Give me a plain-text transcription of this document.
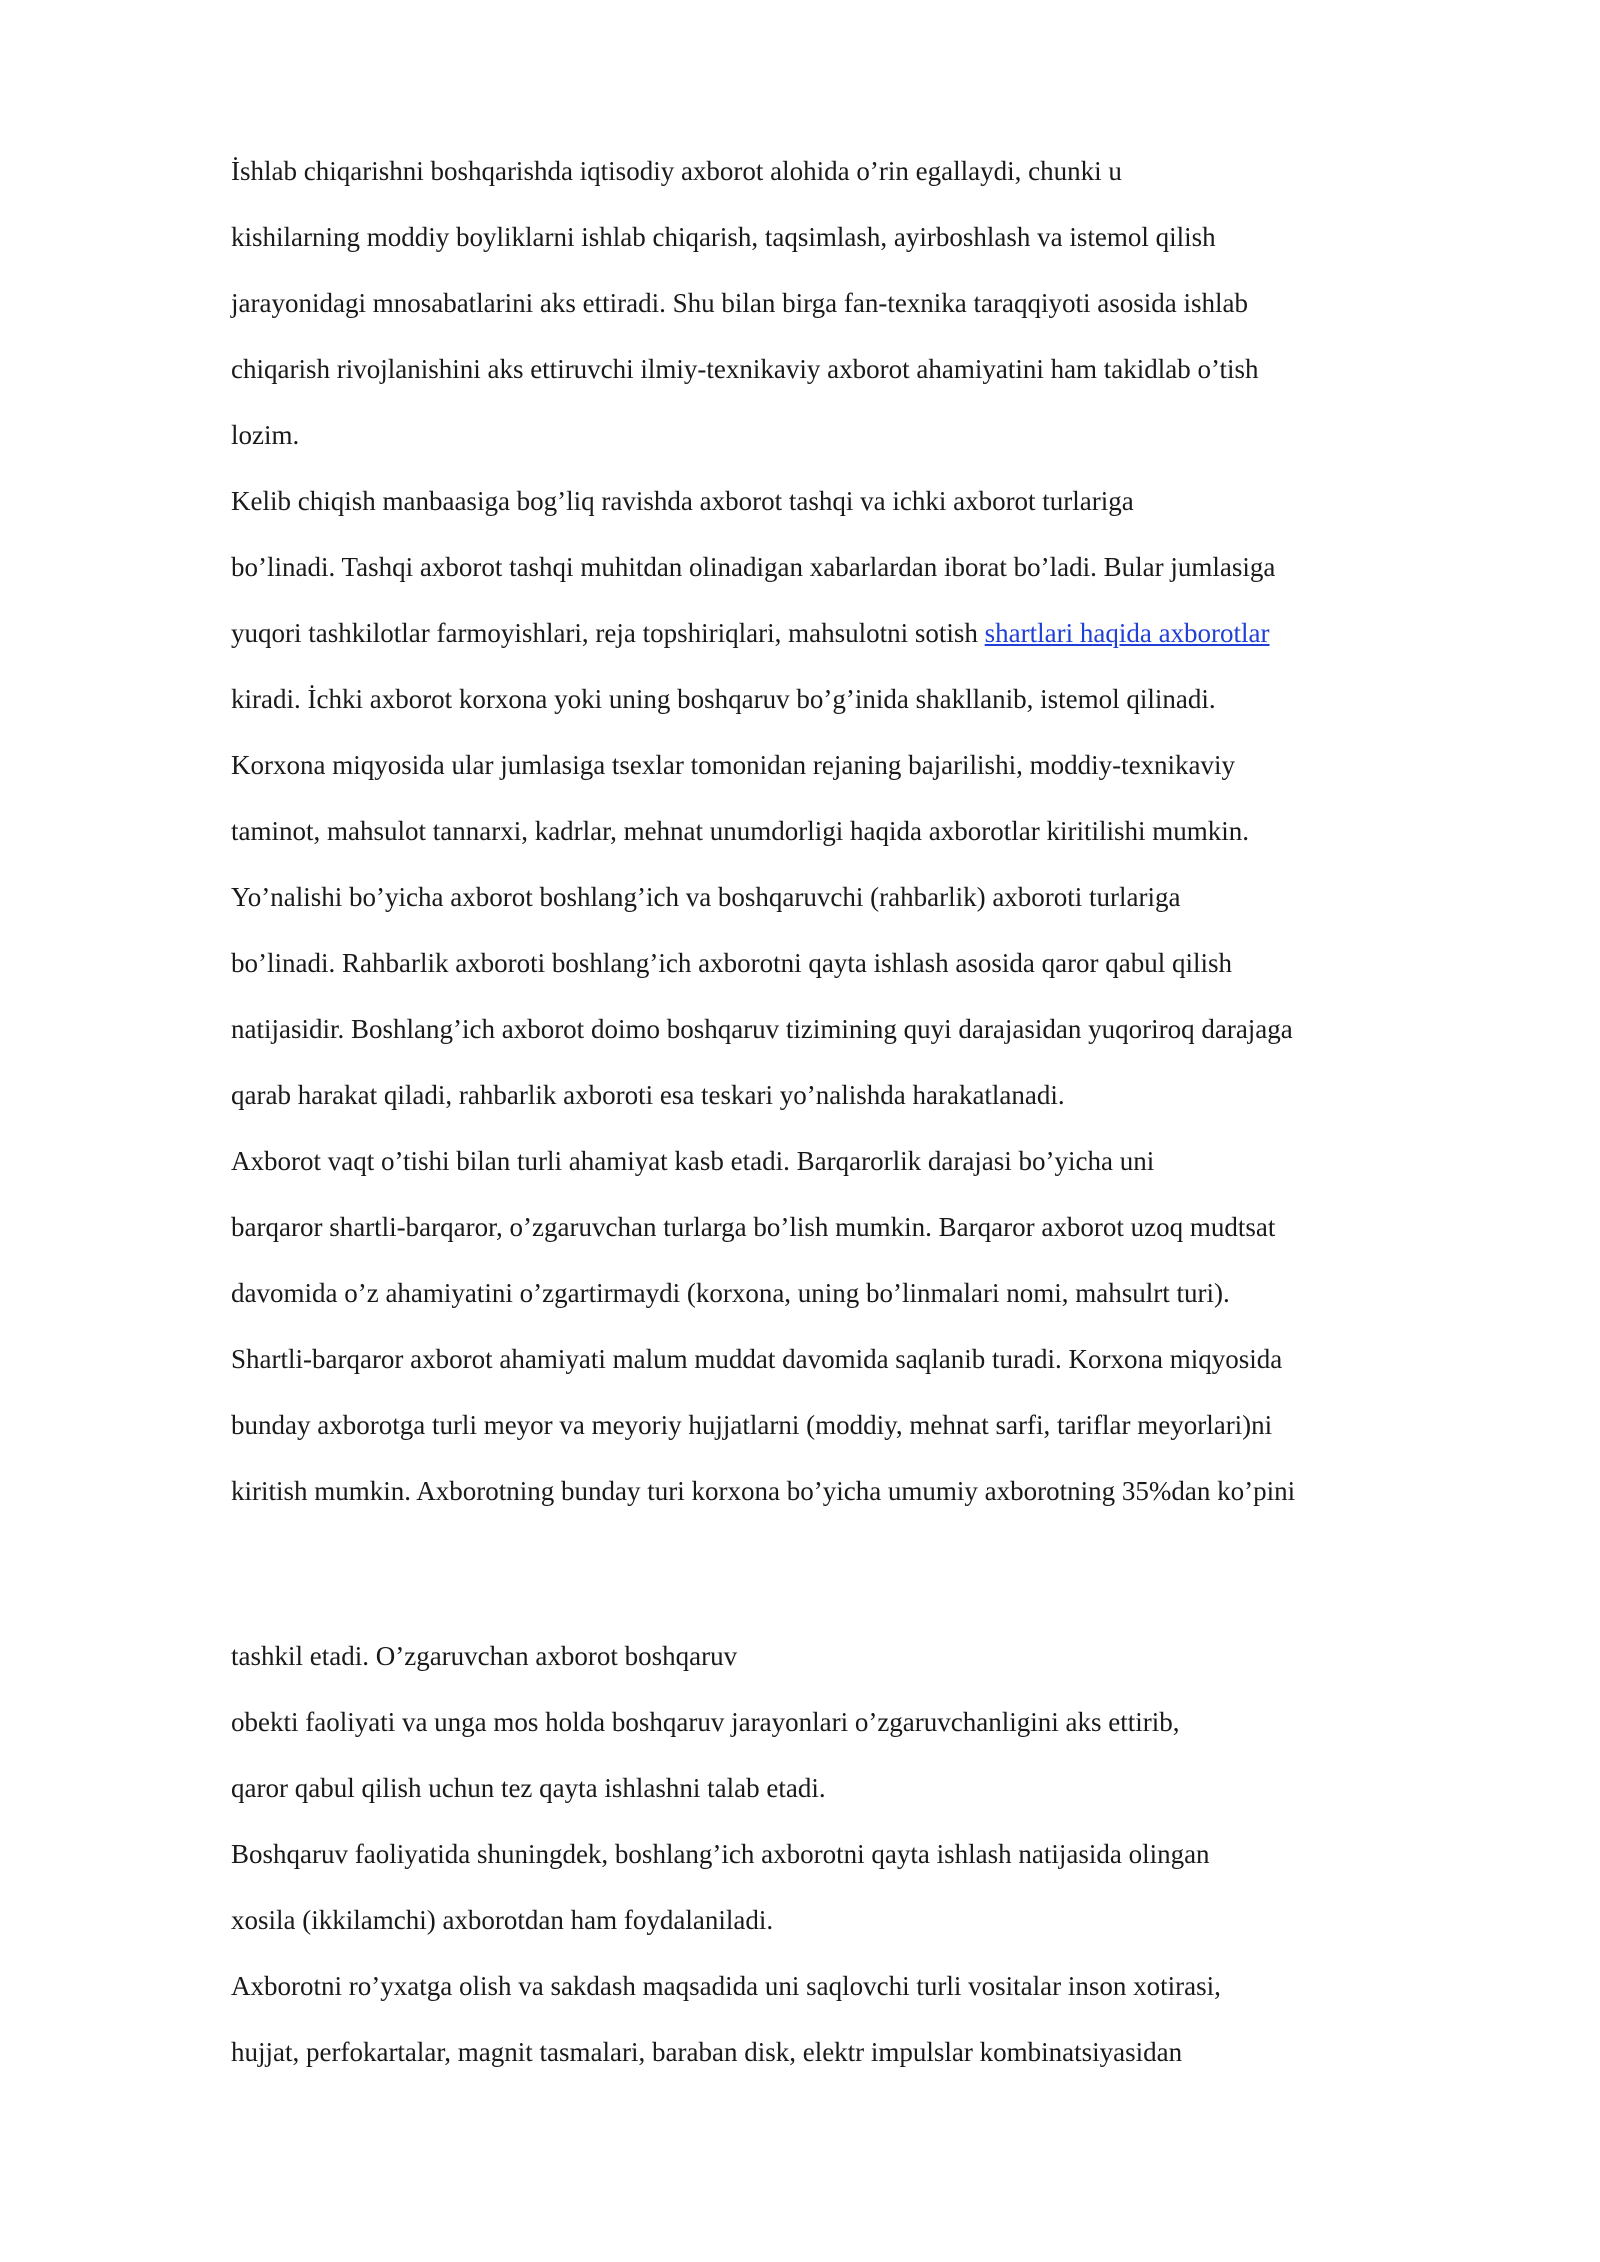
İshlab chiqarishni boshqarishda iqtisodiy axborot alohida o’rin egallaydi, chunki u
kishilarning moddiy boyliklarni ishlab chiqarish, taqsimlash, ayirboshlash va istemol qilish
jarayonidagi mnosabatlarini aks ettiradi. Shu bilan birga fan-texnika taraqqiyoti asosida ishlab
chiqarish rivojlanishini aks ettiruvchi ilmiy-texnikaviy axborot ahamiyatini ham takidlab o’tish
lozim.
Kelib chiqish manbaasiga bog’liq ravishda axborot tashqi va ichki axborot turlariga
bo’linadi. Tashqi axborot tashqi muhitdan olinadigan xabarlardan iborat bo’ladi. Bular jumlasiga
yuqori tashkilotlar farmoyishlari, reja topshiriqlari, mahsulotni sotish shartlari haqida axborotlar
kiradi. İchki axborot korxona yoki uning boshqaruv bo’g’inida shakllanib, istemol qilinadi.
Korxona miqyosida ular jumlasiga tsexlar tomonidan rejaning bajarilishi, moddiy-texnikaviy
taminot, mahsulot tannarxi, kadrlar, mehnat unumdorligi haqida axborotlar kiritilishi mumkin.
Yo’nalishi bo’yicha axborot boshlang’ich va boshqaruvchi (rahbarlik) axboroti turlariga
bo’linadi. Rahbarlik axboroti boshlang’ich axborotni qayta ishlash asosida qaror qabul qilish
natijasidir. Boshlang’ich axborot doimo boshqaruv tizimining quyi darajasidan yuqoriroq darajaga
qarab harakat qiladi, rahbarlik axboroti esa teskari yo’nalishda harakatlanadi.
Axborot vaqt o’tishi bilan turli ahamiyat kasb etadi. Barqarorlik darajasi bo’yicha uni
barqaror shartli-barqaror, o’zgaruvchan turlarga bo’lish mumkin. Barqaror axborot uzoq mudtsat
davomida o’z ahamiyatini o’zgartirmaydi (korxona, uning bo’linmalari nomi, mahsulrt turi).
Shartli-barqaror axborot ahamiyati malum muddat davomida saqlanib turadi. Korxona miqyosida
bunday axborotga turli meyor va meyoriy hujjatlarni (moddiy, mehnat sarfi, tariflar meyorlari)ni
kiritish mumkin. Axborotning bunday turi korxona bo’yicha umumiy axborotning 35%dan ko’pini
tashkil etadi. O’zgaruvchan axborot boshqaruv
obekti faoliyati va unga mos holda boshqaruv jarayonlari o’zgaruvchanligini aks ettirib,
qaror qabul qilish uchun tez qayta ishlashni talab etadi.
Boshqaruv faoliyatida shuningdek, boshlang’ich axborotni qayta ishlash natijasida olingan
xosila (ikkilamchi) axborotdan ham foydalaniladi.
Axborotni ro’yxatga olish va sakdash maqsadida uni saqlovchi turli vositalar inson xotirasi,
hujjat, perfokartalar, magnit tasmalari, baraban disk, elektr impulslar kombinatsiyasidan
